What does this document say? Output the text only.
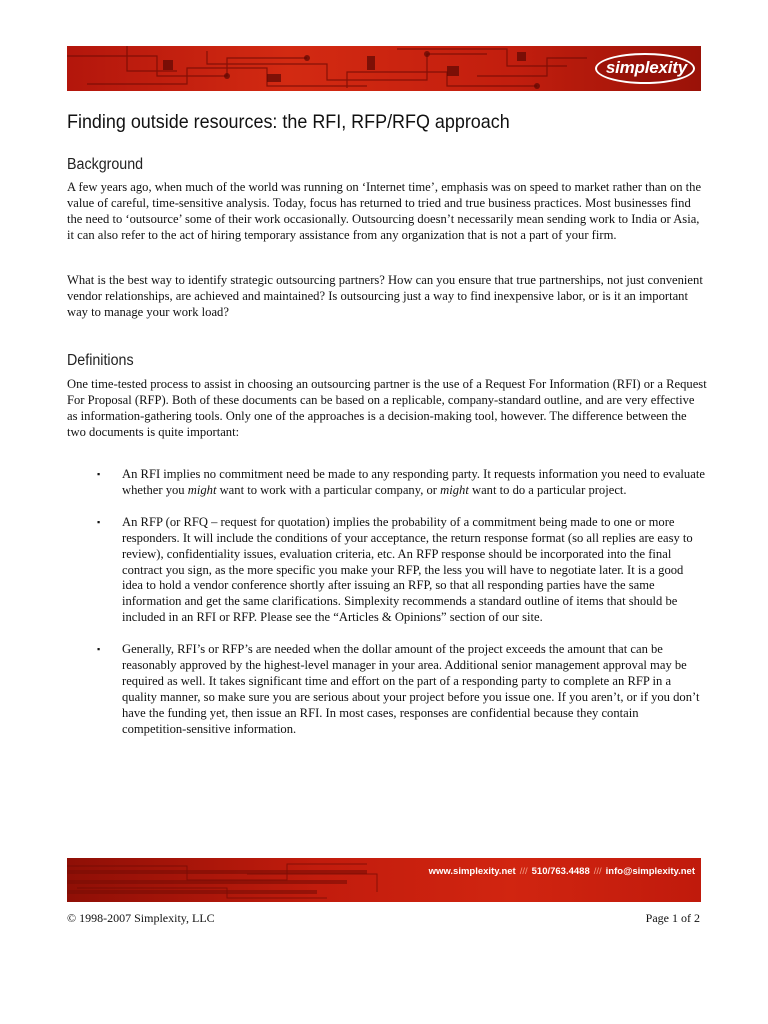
simplexity
Finding outside resources: the RFI, RFP/RFQ approach
Background

A few years ago, when much of the world was running on ‘Internet time’, emphasis was on speed to market rather than on the value of careful, time-sensitive analysis. Today, focus has returned to tried and true business practices. Most businesses find the need to ‘outsource’ some of their work occasionally. Outsourcing doesn’t necessarily mean sending work to India or Asia, it can also refer to the act of hiring temporary assistance from any organization that is not a part of your firm.

What is the best way to identify strategic outsourcing partners? How can you ensure that true partnerships, not just convenient vendor relationships, are achieved and maintained? Is outsourcing just a way to find inexpensive labor, or is it an important way to manage your work load?

Definitions

One time-tested process to assist in choosing an outsourcing partner is the use of a Request For Information (RFI) or a Request For Proposal (RFP). Both of these documents can be based on a replicable, company-standard outline, and are very effective as information-gathering tools. Only one of the approaches is a decision-making tool, however. The difference between the two documents is quite important:

▪ An RFI implies no commitment need be made to any responding party. It requests information you need to evaluate whether you might want to work with a particular company, or might want to do a particular project.
▪ An RFP (or RFQ – request for quotation) implies the probability of a commitment being made to one or more responders. It will include the conditions of your acceptance, the return response format (so all replies are easy to review), confidentiality issues, evaluation criteria, etc. An RFP response should be incorporated into the final contract you sign, as the more specific you make your RFP, the less you will have to negotiate later. It is a good idea to hold a vendor conference shortly after issuing an RFP, so that all responding parties have the same information and get the same clarifications. Simplexity recommends a standard outline of items that should be included in an RFI or RFP. Please see the “Articles & Opinions” section of our site.
▪ Generally, RFI’s or RFP’s are needed when the dollar amount of the project exceeds the amount that can be reasonably approved by the highest-level manager in your area. Additional senior management approval may be required as well. It takes significant time and effort on the part of a responding party to complete an RFP in a quality manner, so make sure you are serious about your project before you issue one. If you aren’t, or if you don’t have the funding yet, then issue an RFI. In most cases, responses are confidential because they contain competition-sensitive information.
www.simplexity.net /// 510/763.4488 /// info@simplexity.net
© 1998-2007 Simplexity, LLC	Page 1 of 2
